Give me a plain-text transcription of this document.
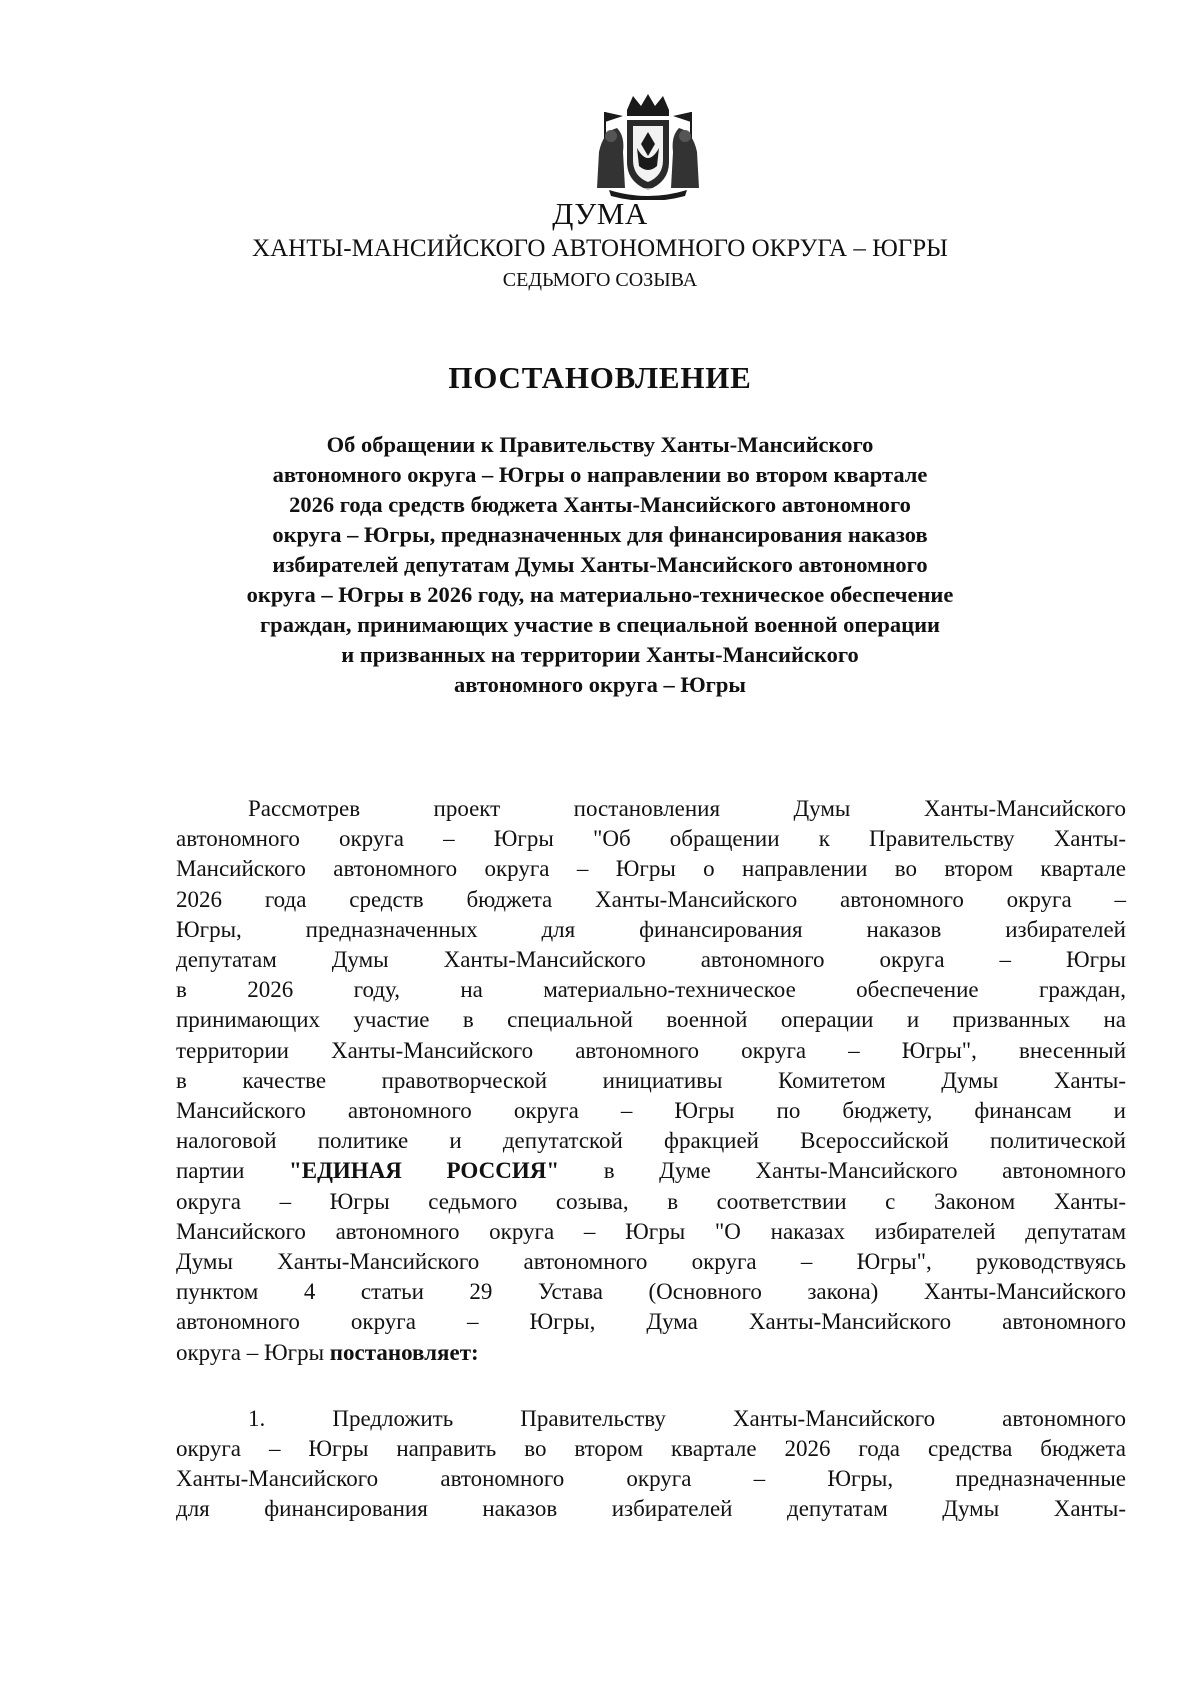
ДУМА
ХАНТЫ-МАНСИЙСКОГО АВТОНОМНОГО ОКРУГА – ЮГРЫ
СЕДЬМОГО СОЗЫВА
ПОСТАНОВЛЕНИЕ
Об обращении к Правительству Ханты-Мансийского
автономного округа – Югры о направлении во втором квартале
2026 года средств бюджета Ханты-Мансийского автономного
округа – Югры, предназначенных для финансирования наказов
избирателей депутатам Думы Ханты-Мансийского автономного
округа – Югры в 2026 году, на материально-техническое обеспечение
граждан, принимающих участие в специальной военной операции
и призванных на территории Ханты-Мансийского
автономного округа – Югры

Рассмотрев проект постановления Думы Ханты-Мансийского
автономного округа – Югры "Об обращении к Правительству Ханты-
Мансийского автономного округа – Югры о направлении во втором квартале
2026 года средств бюджета Ханты-Мансийского автономного округа –
Югры, предназначенных для финансирования наказов избирателей
депутатам Думы Ханты-Мансийского автономного округа – Югры
в 2026 году, на материально-техническое обеспечение граждан,
принимающих участие в специальной военной операции и призванных на
территории Ханты-Мансийского автономного округа – Югры", внесенный
в качестве правотворческой инициативы Комитетом Думы Ханты-
Мансийского автономного округа – Югры по бюджету, финансам и
налоговой политике и депутатской фракцией Всероссийской политической
партии "ЕДИНАЯ РОССИЯ" в Думе Ханты-Мансийского автономного
округа – Югры седьмого созыва, в соответствии с Законом Ханты-
Мансийского автономного округа – Югры "О наказах избирателей депутатам
Думы Ханты-Мансийского автономного округа – Югры", руководствуясь
пунктом 4 статьи 29 Устава (Основного закона) Ханты-Мансийского
автономного округа – Югры, Дума Ханты-Мансийского автономного
округа – Югры постановляет:

1. Предложить Правительству Ханты-Мансийского автономного
округа – Югры направить во втором квартале 2026 года средства бюджета
Ханты-Мансийского автономного округа – Югры, предназначенные
для финансирования наказов избирателей депутатам Думы Ханты-
